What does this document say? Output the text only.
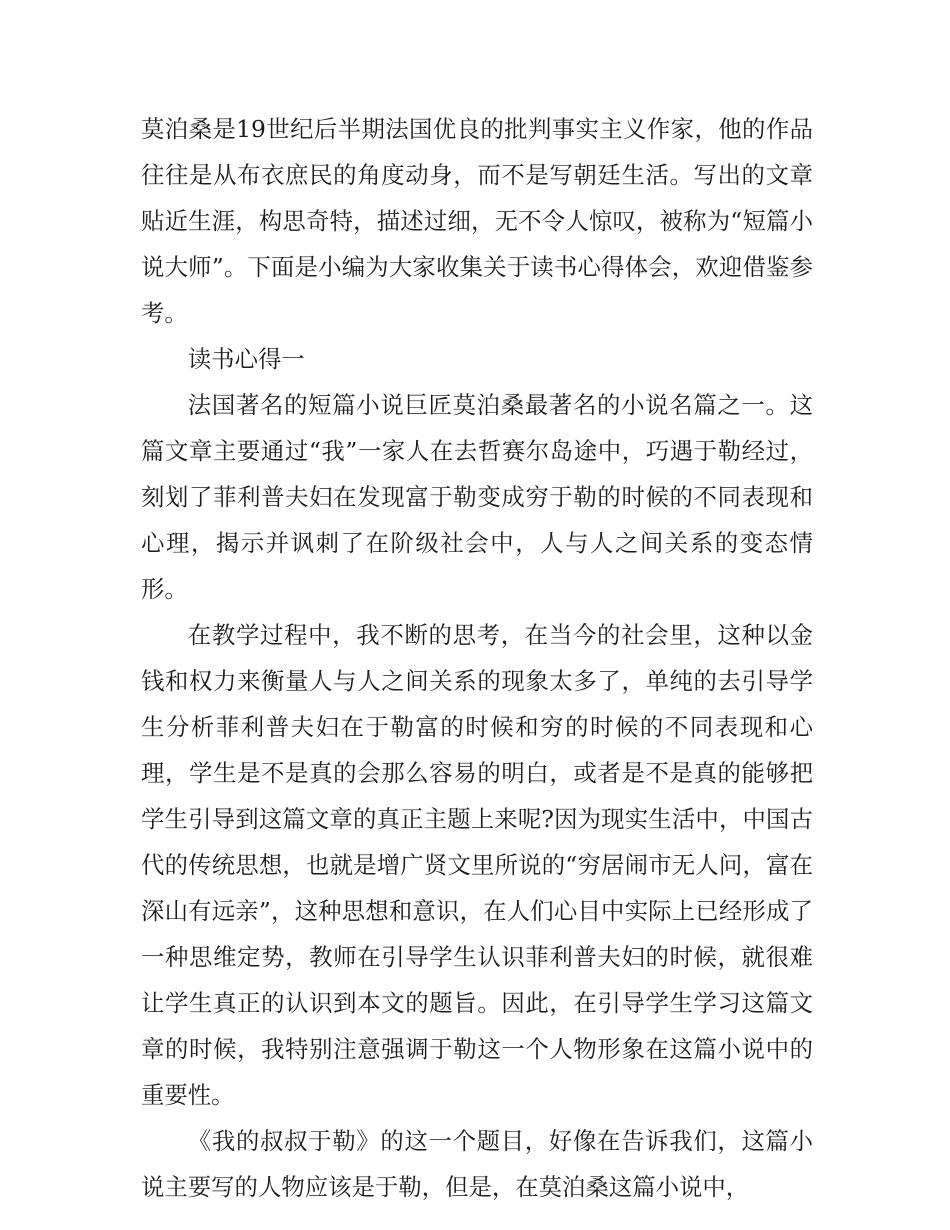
莫泊桑是19世纪后半期法国优良的批判事实主义作家，他的作品往往是从布衣庶民的角度动身，而不是写朝廷生活。写出的文章贴近生涯，构思奇特，描述过细，无不令人惊叹，被称为“短篇小说大师”。下面是小编为大家收集关于读书心得体会，欢迎借鉴参考。

读书心得一

法国著名的短篇小说巨匠莫泊桑最著名的小说名篇之一。这篇文章主要通过“我”一家人在去哲赛尔岛途中，巧遇于勒经过，刻划了菲利普夫妇在发现富于勒变成穷于勒的时候的不同表现和心理，揭示并讽刺了在阶级社会中，人与人之间关系的变态情形。

在教学过程中，我不断的思考，在当今的社会里，这种以金钱和权力来衡量人与人之间关系的现象太多了，单纯的去引导学生分析菲利普夫妇在于勒富的时候和穷的时候的不同表现和心理，学生是不是真的会那么容易的明白，或者是不是真的能够把学生引导到这篇文章的真正主题上来呢?因为现实生活中，中国古代的传统思想，也就是增广贤文里所说的“穷居闹市无人问，富在深山有远亲”，这种思想和意识，在人们心目中实际上已经形成了一种思维定势，教师在引导学生认识菲利普夫妇的时候，就很难让学生真正的认识到本文的题旨。因此，在引导学生学习这篇文章的时候，我特别注意强调于勒这一个人物形象在这篇小说中的重要性。

《我的叔叔于勒》的这一个题目，好像在告诉我们，这篇小说主要写的人物应该是于勒，但是，在莫泊桑这篇小说中，
